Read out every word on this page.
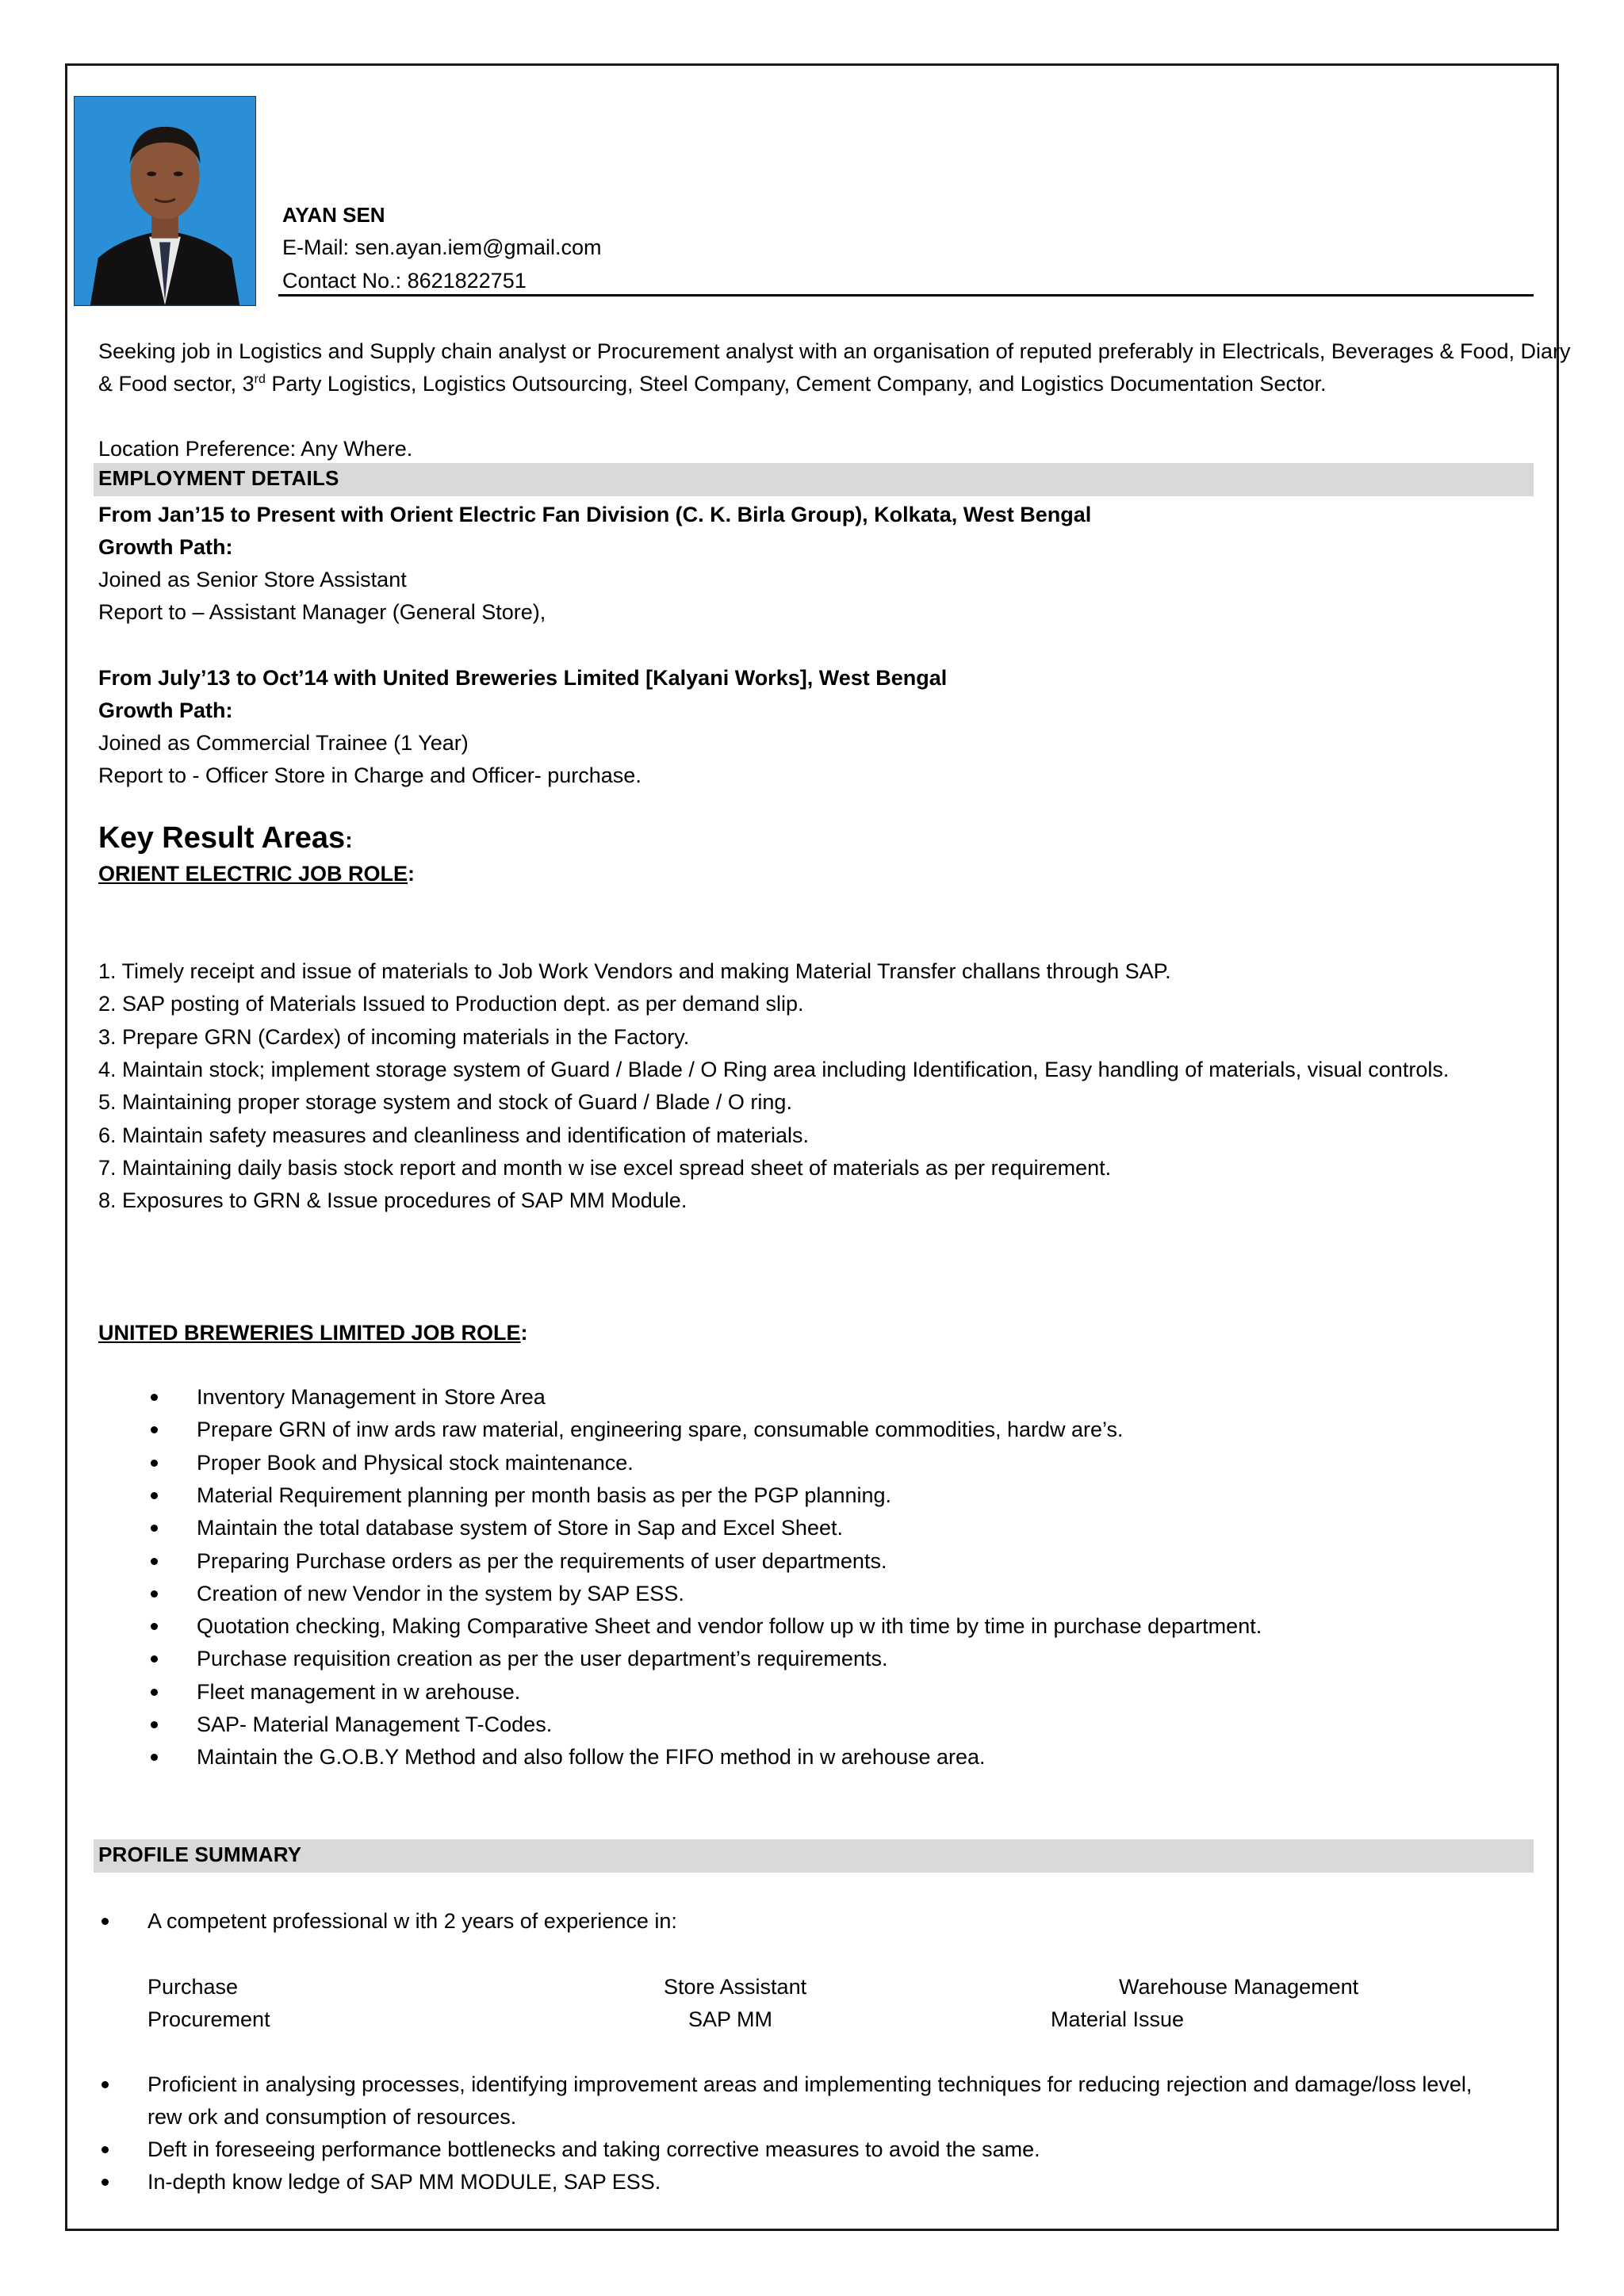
AYAN SEN
E-Mail: sen.ayan.iem@gmail.com
Contact No.: 8621822751
Seeking job in Logistics and Supply chain analyst or Procurement analyst with an organisation of reputed preferably in Electricals, Beverages & Food, Diary
& Food sector, 3rd Party Logistics, Logistics Outsourcing, Steel Company, Cement Company, and Logistics Documentation Sector.
Location Preference: Any Where.
EMPLOYMENT DETAILS
From Jan’15 to Present with Orient Electric Fan Division (C. K. Birla Group), Kolkata, West Bengal
Growth Path:
Joined as Senior Store Assistant
Report to – Assistant Manager (General Store),
From July’13 to Oct’14 with United Breweries Limited [Kalyani Works], West Bengal
Growth Path:
Joined as Commercial Trainee (1 Year)
Report to - Officer Store in Charge and Officer- purchase.
Key Result Areas:
ORIENT ELECTRIC JOB ROLE:
1. Timely receipt and issue of materials to Job Work Vendors and making Material Transfer challans through SAP.
2. SAP posting of Materials Issued to Production dept. as per demand slip.
3. Prepare GRN (Cardex) of incoming materials in the Factory.
4. Maintain stock; implement storage system of Guard / Blade / O Ring area including Identification, Easy handling of materials, visual controls.
5. Maintaining proper storage system and stock of Guard / Blade / O ring.
6. Maintain safety measures and cleanliness and identification of materials.
7. Maintaining daily basis stock report and month w ise excel spread sheet of materials as per requirement.
8. Exposures to GRN & Issue procedures of SAP MM Module.
UNITED BREWERIES LIMITED JOB ROLE:
Inventory Management in Store Area
Prepare GRN of inw ards raw material, engineering spare, consumable commodities, hardw are’s.
Proper Book and Physical stock maintenance.
Material Requirement planning per month basis as per the PGP planning.
Maintain the total database system of Store in Sap and Excel Sheet.
Preparing Purchase orders as per the requirements of user departments.
Creation of new Vendor in the system by SAP ESS.
Quotation checking, Making Comparative Sheet and vendor follow up w ith time by time in purchase department.
Purchase requisition creation as per the user department’s requirements.
Fleet management in w arehouse.
SAP- Material Management T-Codes.
Maintain the G.O.B.Y Method and also follow the FIFO method in w arehouse area.
PROFILE SUMMARY
A competent professional w ith 2 years of experience in:
Purchase	Store Assistant	Warehouse Management
Procurement	SAP MM	Material Issue
Proficient in analysing processes, identifying improvement areas and implementing techniques for reducing rejection and damage/loss level,
rew ork and consumption of resources.
Deft in foreseeing performance bottlenecks and taking corrective measures to avoid the same.
In-depth know ledge of SAP MM MODULE, SAP ESS.
